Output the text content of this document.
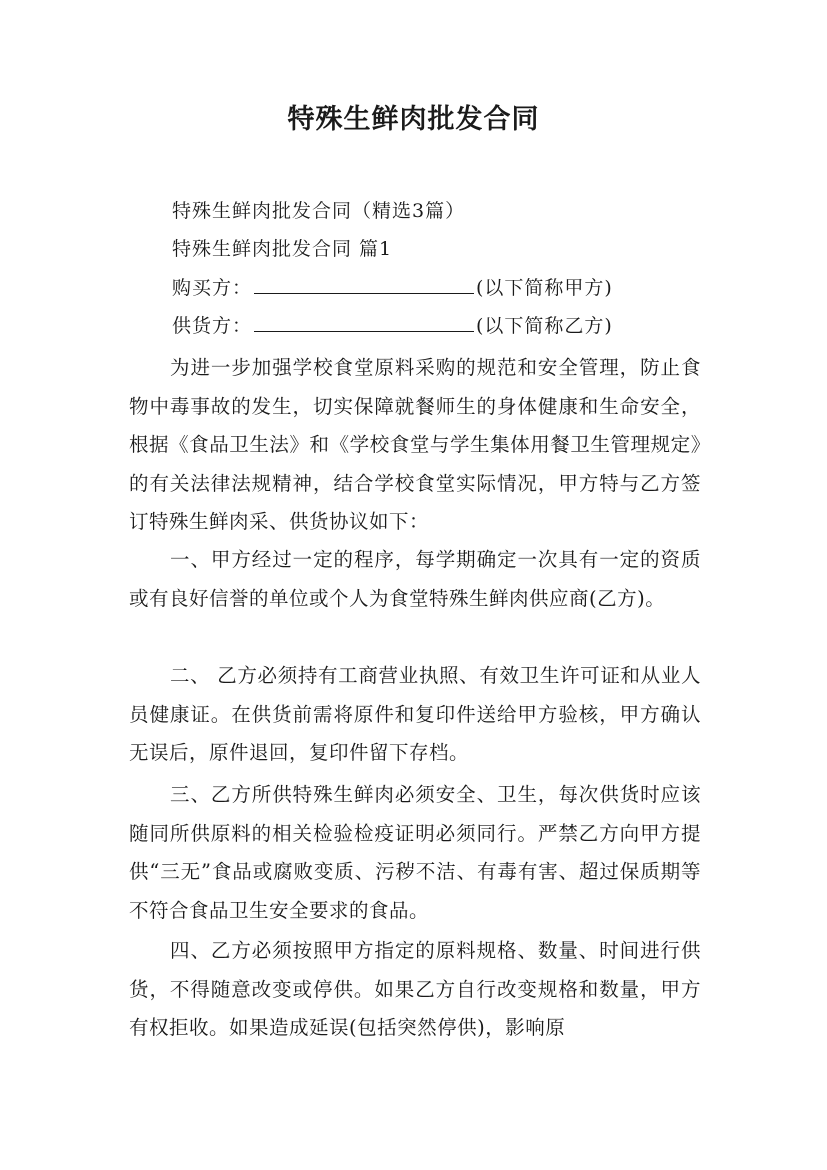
特殊生鲜肉批发合同
特殊生鲜肉批发合同（精选3篇）
特殊生鲜肉批发合同 篇1
购买方：	(以下简称甲方)
供货方：	(以下简称乙方)

为进一步加强学校食堂原料采购的规范和安全管理，防止食物中毒事故的发生，切实保障就餐师生的身体健康和生命安全，根据《食品卫生法》和《学校食堂与学生集体用餐卫生管理规定》的有关法律法规精神，结合学校食堂实际情况，甲方特与乙方签订特殊生鲜肉采、供货协议如下：

一、甲方经过一定的程序，每学期确定一次具有一定的资质或有良好信誉的单位或个人为食堂特殊生鲜肉供应商(乙方)。

二、 乙方必须持有工商营业执照、有效卫生许可证和从业人员健康证。在供货前需将原件和复印件送给甲方验核，甲方确认无误后，原件退回，复印件留下存档。

三、乙方所供特殊生鲜肉必须安全、卫生，每次供货时应该随同所供原料的相关检验检疫证明必须同行。严禁乙方向甲方提供“三无”食品或腐败变质、污秽不洁、有毒有害、超过保质期等不符合食品卫生安全要求的食品。

四、乙方必须按照甲方指定的原料规格、数量、时间进行供货，不得随意改变或停供。如果乙方自行改变规格和数量，甲方有权拒收。如果造成延误(包括突然停供)，影响原
